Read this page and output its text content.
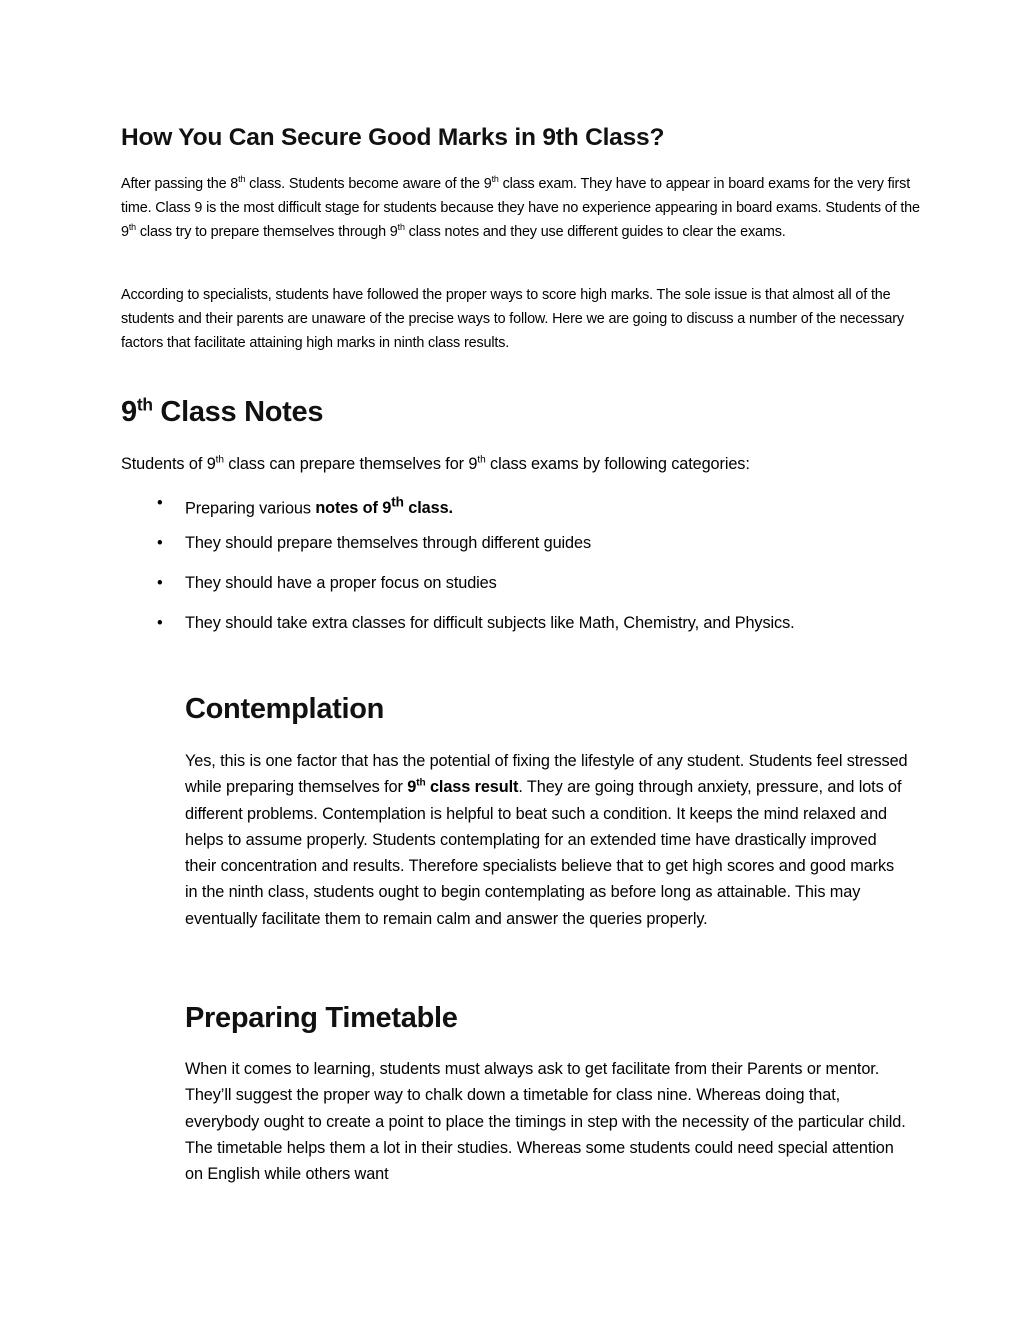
How You Can Secure Good Marks in 9th Class?

After passing the 8th class. Students become aware of the 9th class exam. They have to appear in board exams for the very first time. Class 9 is the most difficult stage for students because they have no experience appearing in board exams. Students of the 9th class try to prepare themselves through 9th class notes and they use different guides to clear the exams.

According to specialists, students have followed the proper ways to score high marks. The sole issue is that almost all of the students and their parents are unaware of the precise ways to follow. Here we are going to discuss a number of the necessary factors that facilitate attaining high marks in ninth class results.

9th Class Notes

Students of 9th class can prepare themselves for 9th class exams by following categories:

• Preparing various notes of 9th class.
• They should prepare themselves through different guides
• They should have a proper focus on studies
• They should take extra classes for difficult subjects like Math, Chemistry, and Physics.
Contemplation

Yes, this is one factor that has the potential of fixing the lifestyle of any student. Students feel stressed while preparing themselves for 9th class result. They are going through anxiety, pressure, and lots of different problems. Contemplation is helpful to beat such a condition. It keeps the mind relaxed and helps to assume properly. Students contemplating for an extended time have drastically improved their concentration and results. Therefore specialists believe that to get high scores and good marks in the ninth class, students ought to begin contemplating as before long as attainable. This may eventually facilitate them to remain calm and answer the queries properly.

Preparing Timetable

When it comes to learning, students must always ask to get facilitate from their Parents or mentor. They’ll suggest the proper way to chalk down a timetable for class nine. Whereas doing that, everybody ought to create a point to place the timings in step with the necessity of the particular child. The timetable helps them a lot in their studies. Whereas some students could need special attention on English while others want
